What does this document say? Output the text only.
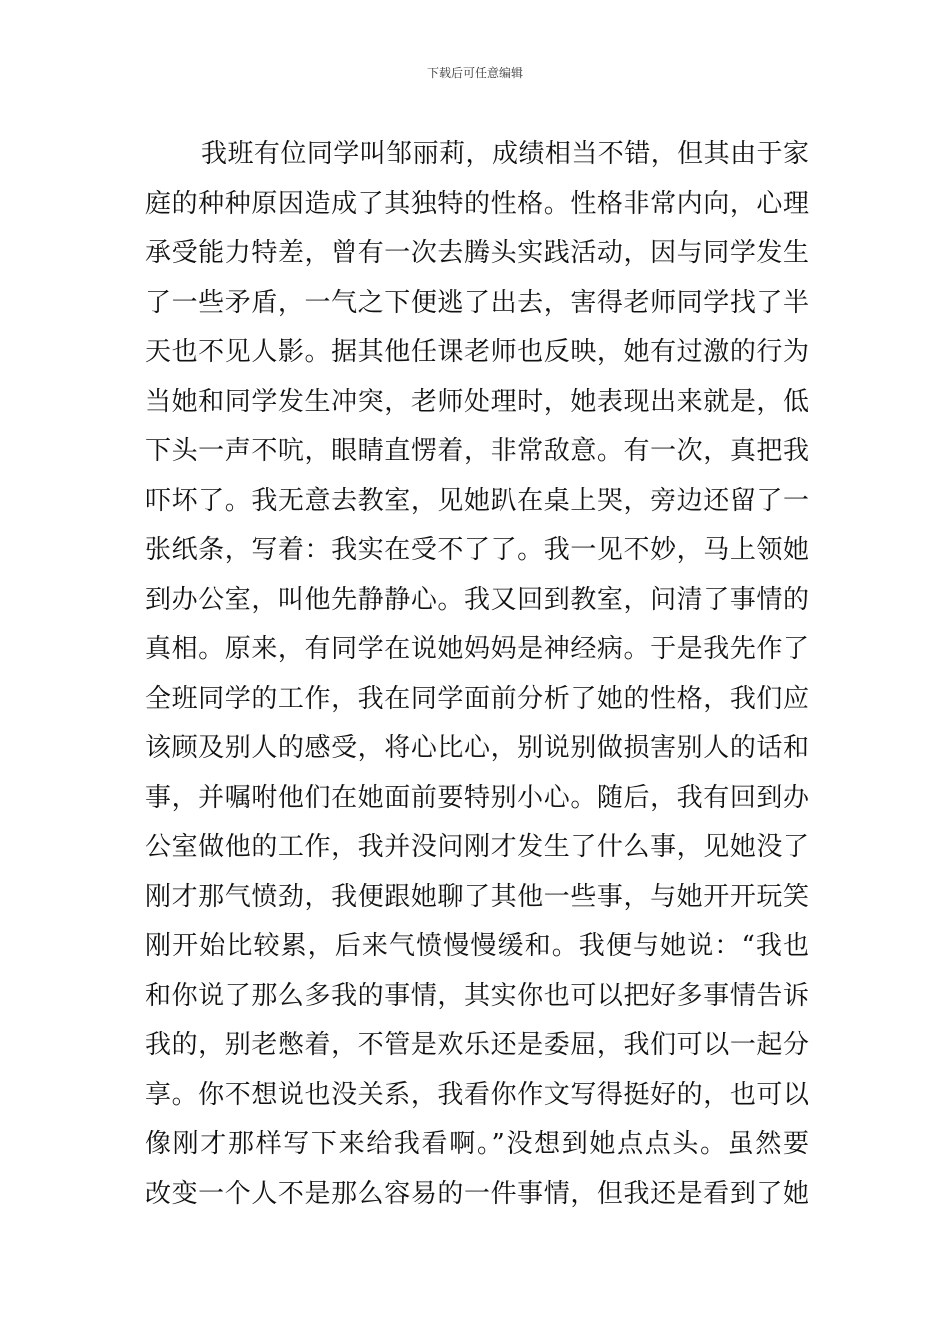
下载后可任意编辑
我班有位同学叫邹丽莉，成绩相当不错，但其由于家
庭的种种原因造成了其独特的性格。性格非常内向，心理
承受能力特差，曾有一次去腾头实践活动，因与同学发生
了一些矛盾，一气之下便逃了出去，害得老师同学找了半
天也不见人影。据其他任课老师也反映，她有过激的行为
当她和同学发生冲突，老师处理时，她表现出来就是，低
下头一声不吭，眼睛直愣着，非常敌意。有一次，真把我
吓坏了。我无意去教室，见她趴在桌上哭，旁边还留了一
张纸条，写着：我实在受不了了。我一见不妙，马上领她
到办公室，叫他先静静心。我又回到教室，问清了事情的
真相。原来，有同学在说她妈妈是神经病。于是我先作了
全班同学的工作，我在同学面前分析了她的性格，我们应
该顾及别人的感受，将心比心，别说别做损害别人的话和
事，并嘱咐他们在她面前要特别小心。随后，我有回到办
公室做他的工作，我并没问刚才发生了什么事，见她没了
刚才那气愤劲，我便跟她聊了其他一些事，与她开开玩笑
刚开始比较累，后来气愤慢慢缓和。我便与她说：“我也
和你说了那么多我的事情，其实你也可以把好多事情告诉
我的，别老憋着，不管是欢乐还是委屈，我们可以一起分
享。你不想说也没关系，我看你作文写得挺好的，也可以
像刚才那样写下来给我看啊。”没想到她点点头。虽然要
改变一个人不是那么容易的一件事情，但我还是看到了她
